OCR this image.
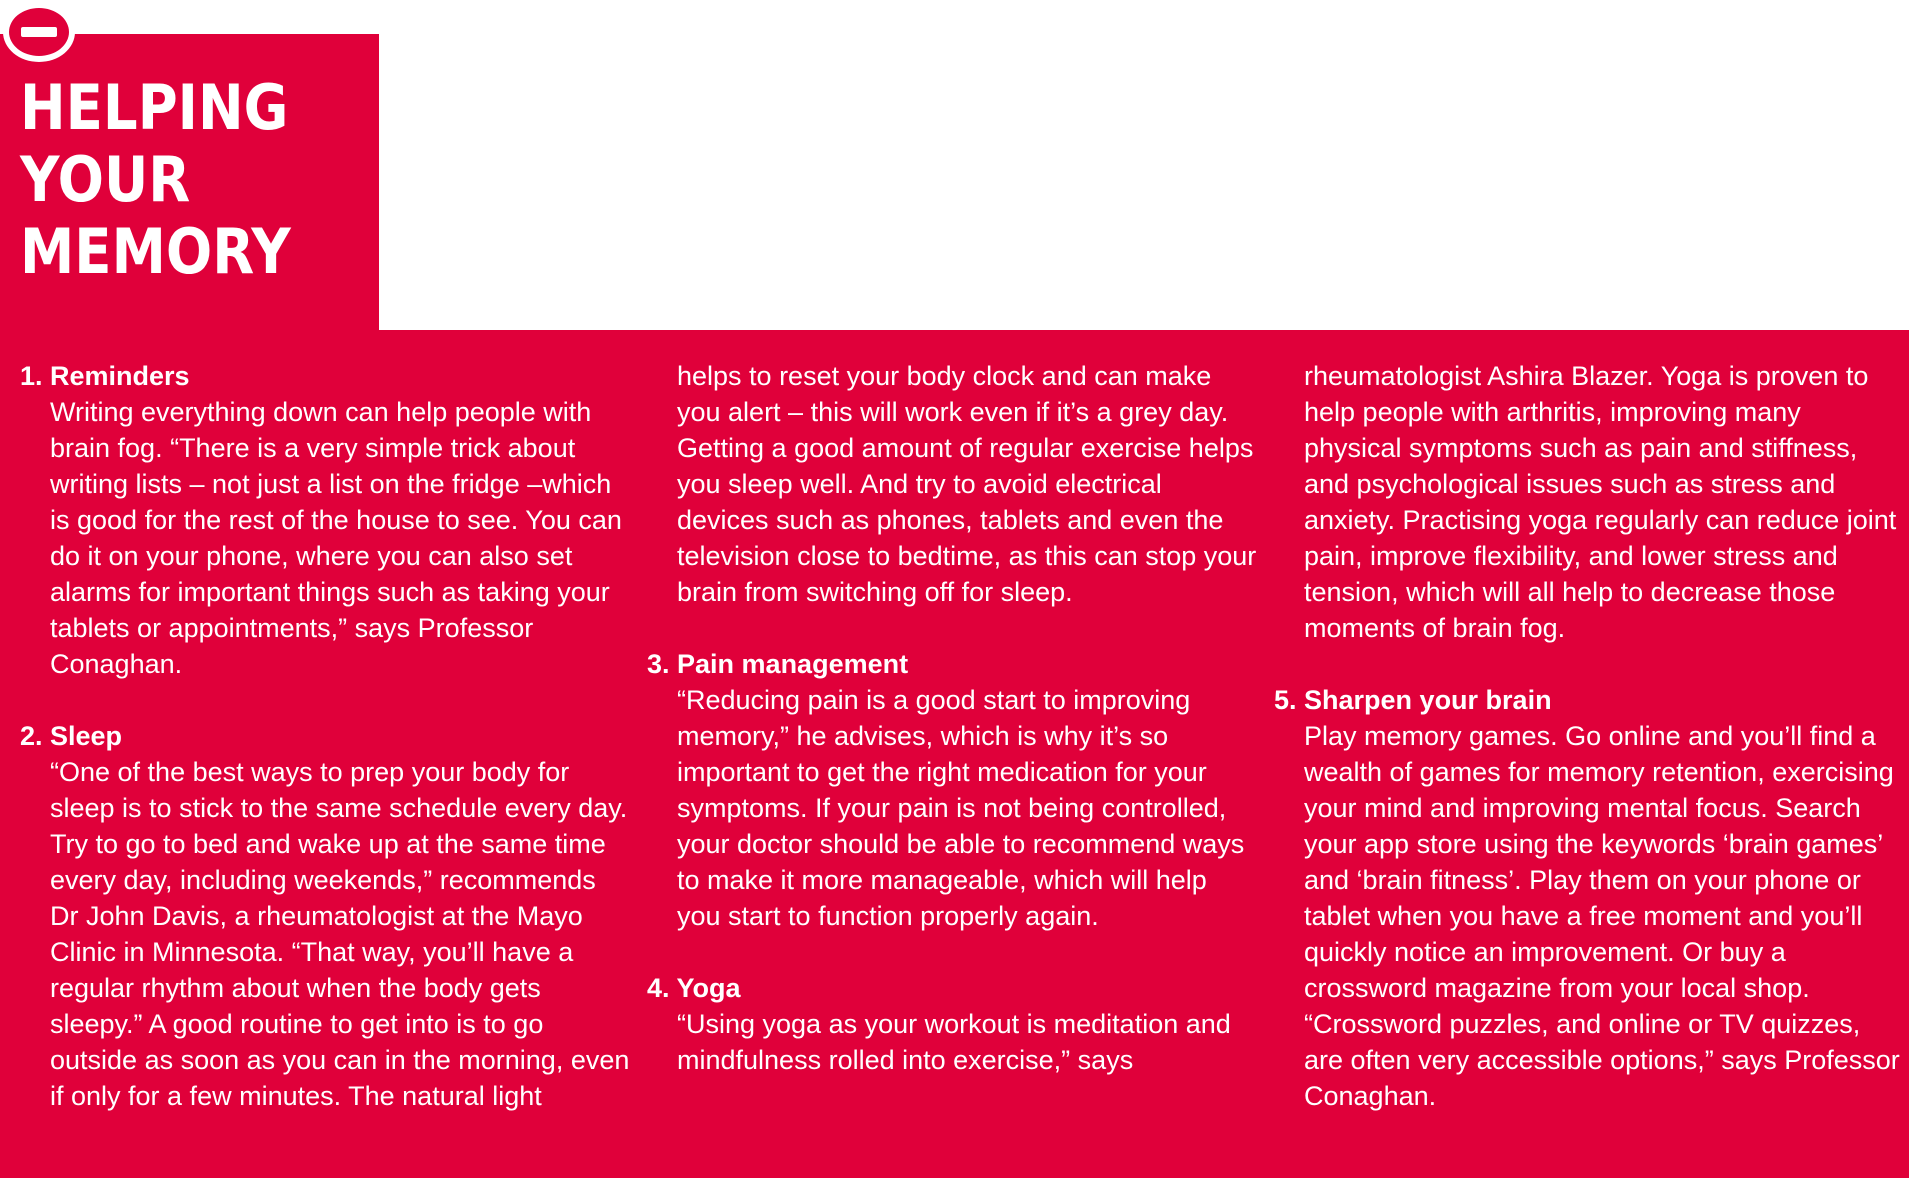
HELPING YOUR MEMORY

1. Reminders

Writing everything down can help people with brain fog. “There is a very simple trick about writing lists – not just a list on the fridge –which is good for the rest of the house to see. You can do it on your phone, where you can also set alarms for important things such as taking your tablets or appointments,” says Professor Conaghan.

2. Sleep

“One of the best ways to prep your body for sleep is to stick to the same schedule every day. Try to go to bed and wake up at the same time every day, including weekends,” recommends Dr John Davis, a rheumatologist at the Mayo Clinic in Minnesota. “That way, you’ll have a regular rhythm about when the body gets sleepy.” A good routine to get into is to go outside as soon as you can in the morning, even if only for a few minutes. The natural light

helps to reset your body clock and can make you alert – this will work even if it’s a grey day. Getting a good amount of regular exercise helps you sleep well. And try to avoid electrical devices such as phones, tablets and even the television close to bedtime, as this can stop your brain from switching off for sleep.

3. Pain management

“Reducing pain is a good start to improving memory,” he advises, which is why it’s so important to get the right medication for your symptoms. If your pain is not being controlled, your doctor should be able to recommend ways to make it more manageable, which will help you start to function properly again.

4. Yoga

“Using yoga as your workout is meditation and mindfulness rolled into exercise,” says

rheumatologist Ashira Blazer. Yoga is proven to help people with arthritis, improving many physical symptoms such as pain and stiffness, and psychological issues such as stress and anxiety. Practising yoga regularly can reduce joint pain, improve flexibility, and lower stress and tension, which will all help to decrease those moments of brain fog.

5. Sharpen your brain

Play memory games. Go online and you’ll find a wealth of games for memory retention, exercising your mind and improving mental focus. Search your app store using the keywords ‘brain games’ and ‘brain fitness’. Play them on your phone or tablet when you have a free moment and you’ll quickly notice an improvement. Or buy a crossword magazine from your local shop. “Crossword puzzles, and online or TV quizzes, are often very accessible options,” says Professor Conaghan.
